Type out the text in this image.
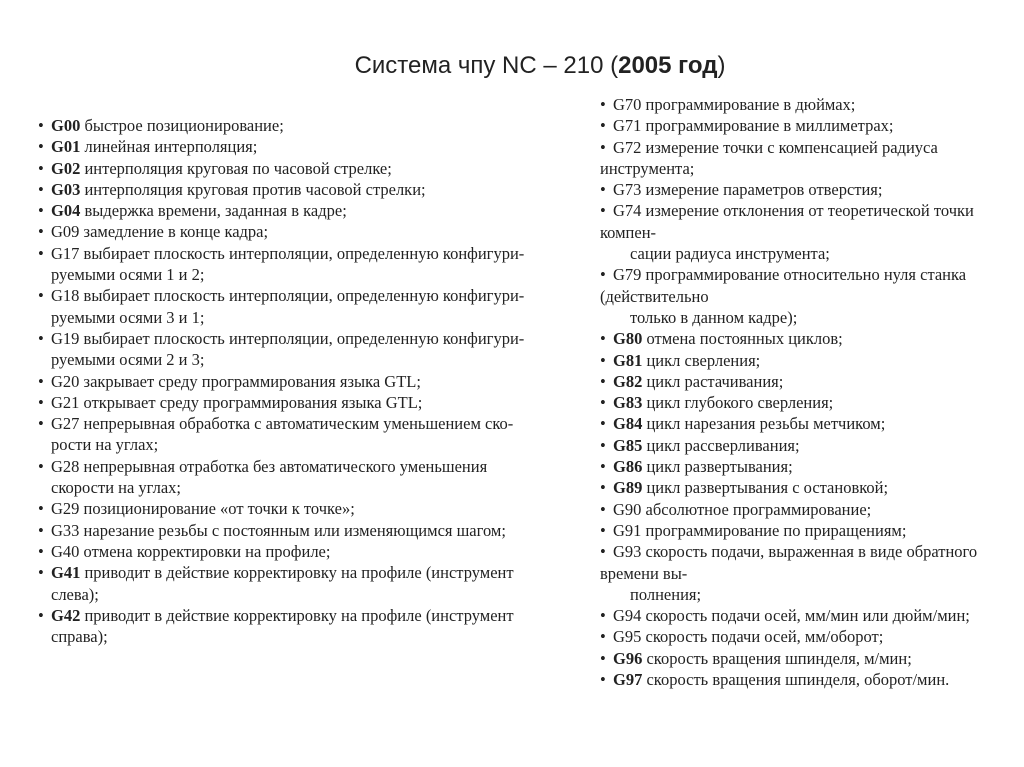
Система чпу NC – 210 (2005 год)
• G00 быстрое позиционирование;
• G01 линейная интерполяция;
• G02 интерполяция круговая по часовой стрелке;
• G03 интерполяция круговая против часовой стрелки;
• G04 выдержка времени, заданная в кадре;
• G09 замедление в конце кадра;
• G17 выбирает плоскость интерполяции, определенную конфигури-
руемыми осями 1 и 2;
• G18 выбирает плоскость интерполяции, определенную конфигури-
руемыми осями 3 и 1;
• G19 выбирает плоскость интерполяции, определенную конфигури-
руемыми осями 2 и 3;
• G20 закрывает среду программирования языка GTL;
• G21 открывает среду программирования языка GTL;
• G27 непрерывная обработка с автоматическим уменьшением ско-
рости на углах;
• G28 непрерывная отработка без автоматического уменьшения
скорости на углах;
• G29 позиционирование «от точки к точке»;
• G33 нарезание резьбы с постоянным или изменяющимся шагом;
• G40 отмена корректировки на профиле;
• G41 приводит в действие корректировку на профиле (инструмент
слева);
• G42 приводит в действие корректировку на профиле (инструмент
справа);
• G70 программирование в дюймах;
• G71 программирование в миллиметрах;
• G72 измерение точки с компенсацией радиуса
инструмента;
• G73 измерение параметров отверстия;
• G74 измерение отклонения от теоретической точки
компен-
сации радиуса инструмента;
• G79 программирование относительно нуля станка
(действительно
только в данном кадре);
• G80 отмена постоянных циклов;
• G81 цикл сверления;
• G82 цикл растачивания;
• G83 цикл глубокого сверления;
• G84 цикл нарезания резьбы метчиком;
• G85 цикл рассверливания;
• G86 цикл развертывания;
• G89 цикл развертывания с остановкой;
• G90 абсолютное программирование;
• G91 программирование по приращениям;
• G93 скорость подачи, выраженная в виде обратного
времени вы-
полнения;
• G94 скорость подачи осей, мм/мин или дюйм/мин;
• G95 скорость подачи осей, мм/оборот;
• G96 скорость вращения шпинделя, м/мин;
• G97 скорость вращения шпинделя, оборот/мин.
